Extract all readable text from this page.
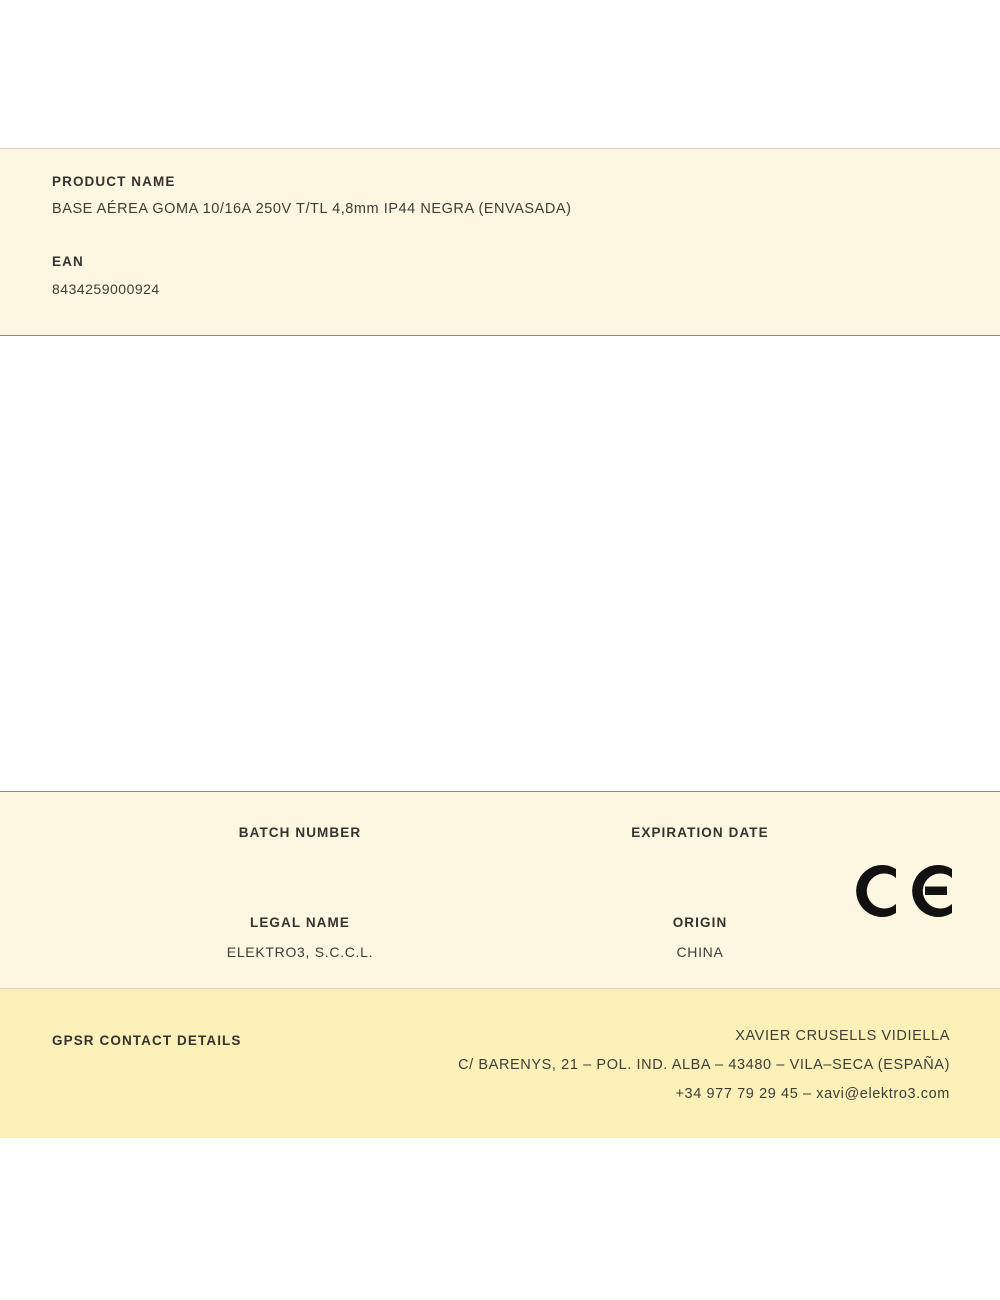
PRODUCT NAME
BASE AÉREA GOMA 10/16A 250V T/TL 4,8mm IP44 NEGRA (ENVASADA)
EAN
8434259000924
BATCH NUMBER	EXPIRATION DATE
LEGAL NAME
ELEKTRO3, S.C.C.L.
ORIGIN
CHINA
GPSR CONTACT DETAILS	XAVIER CRUSELLS VIDIELLA
C/ BARENYS, 21 – POL. IND. ALBA – 43480 – VILA–SECA (ESPAÑA)
+34 977 79 29 45 – xavi@elektro3.com
